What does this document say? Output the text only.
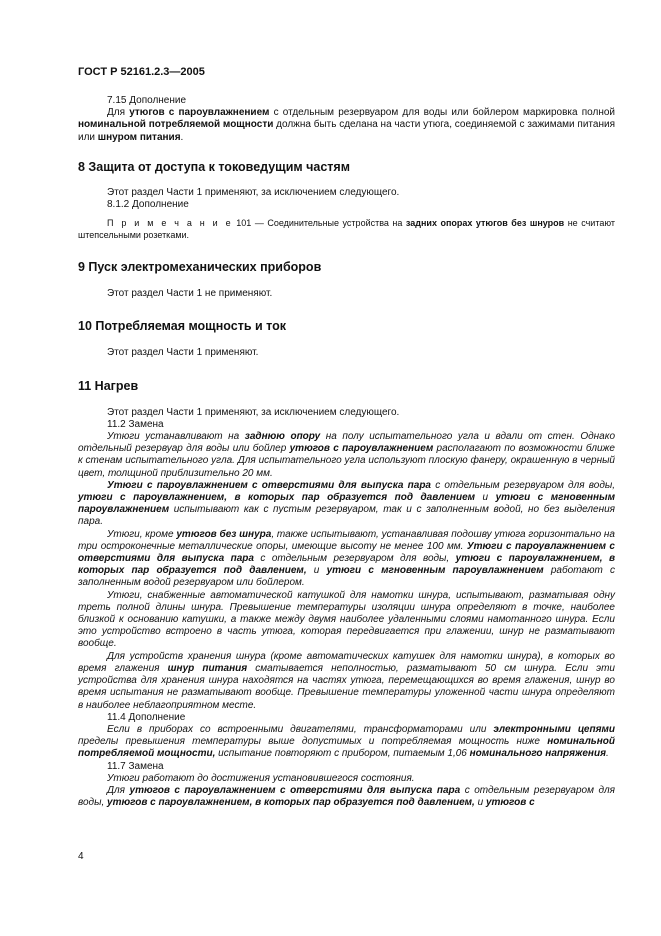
ГОСТ Р 52161.2.3—2005

7.15 Дополнение

Для утюгов с пароувлажнением с отдельным резервуаром для воды или бойлером маркировка полной номинальной потребляемой мощности должна быть сделана на части утюга, соединяемой с зажимами питания или шнуром питания.

8 Защита от доступа к токоведущим частям

Этот раздел Части 1 применяют, за исключением следующего.

8.1.2 Дополнение

П р и м е ч а н и е 101 — Соединительные устройства на задних опорах утюгов без шнуров не считают штепсельными розетками.

9 Пуск электромеханических приборов

Этот раздел Части 1 не применяют.

10 Потребляемая мощность и ток

Этот раздел Части 1 применяют.

11 Нагрев

Этот раздел Части 1 применяют, за исключением следующего.

11.2 Замена

Утюги устанавливают на заднюю опору на полу испытательного угла и вдали от стен. Однако отдельный резервуар для воды или бойлер утюгов с пароувлажнением располагают по возможности ближе к стенам испытательного угла. Для испытательного угла используют плоскую фанеру, окрашенную в черный цвет, толщиной приблизительно 20 мм.

Утюги с пароувлажнением с отверстиями для выпуска пара с отдельным резервуаром для воды, утюги с пароувлажнением, в которых пар образуется под давлением и утюги с мгновенным пароувлажнением испытывают как с пустым резервуаром, так и с заполненным водой, но без выделения пара.

Утюги, кроме утюгов без шнура, также испытывают, устанавливая подошву утюга горизонтально на три остроконечные металлические опоры, имеющие высоту не менее 100 мм. Утюги с пароувлажнением с отверстиями для выпуска пара с отдельным резервуаром для воды, утюги с пароувлажнением, в которых пар образуется под давлением, и утюги с мгновенным пароувлажнением работают с заполненным водой резервуаром или бойлером.

Утюги, снабженные автоматической катушкой для намотки шнура, испытывают, разматывая одну треть полной длины шнура. Превышение температуры изоляции шнура определяют в точке, наиболее близкой к основанию катушки, а также между двумя наиболее удаленными слоями намотанного шнура. Если это устройство встроено в часть утюга, которая передвигается при глажении, шнур не разматывают вообще.

Для устройств хранения шнура (кроме автоматических катушек для намотки шнура), в которых во время глажения шнур питания сматывается неполностью, разматывают 50 см шнура. Если эти устройства для хранения шнура находятся на частях утюга, перемещающихся во время глажения, шнур во время испытания не разматывают вообще. Превышение температуры уложенной части шнура определяют в наиболее неблагоприятном месте.

11.4 Дополнение

Если в приборах со встроенными двигателями, трансформаторами или электронными цепями пределы превышения температуры выше допустимых и потребляемая мощность ниже номинальной потребляемой мощности, испытание повторяют с прибором, питаемым 1,06 номинального напряжения.

11.7 Замена

Утюги работают до достижения установившегося состояния.

Для утюгов с пароувлажнением с отверстиями для выпуска пара с отдельным резервуаром для воды, утюгов с пароувлажнением, в которых пар образуется под давлением, и утюгов с

4
